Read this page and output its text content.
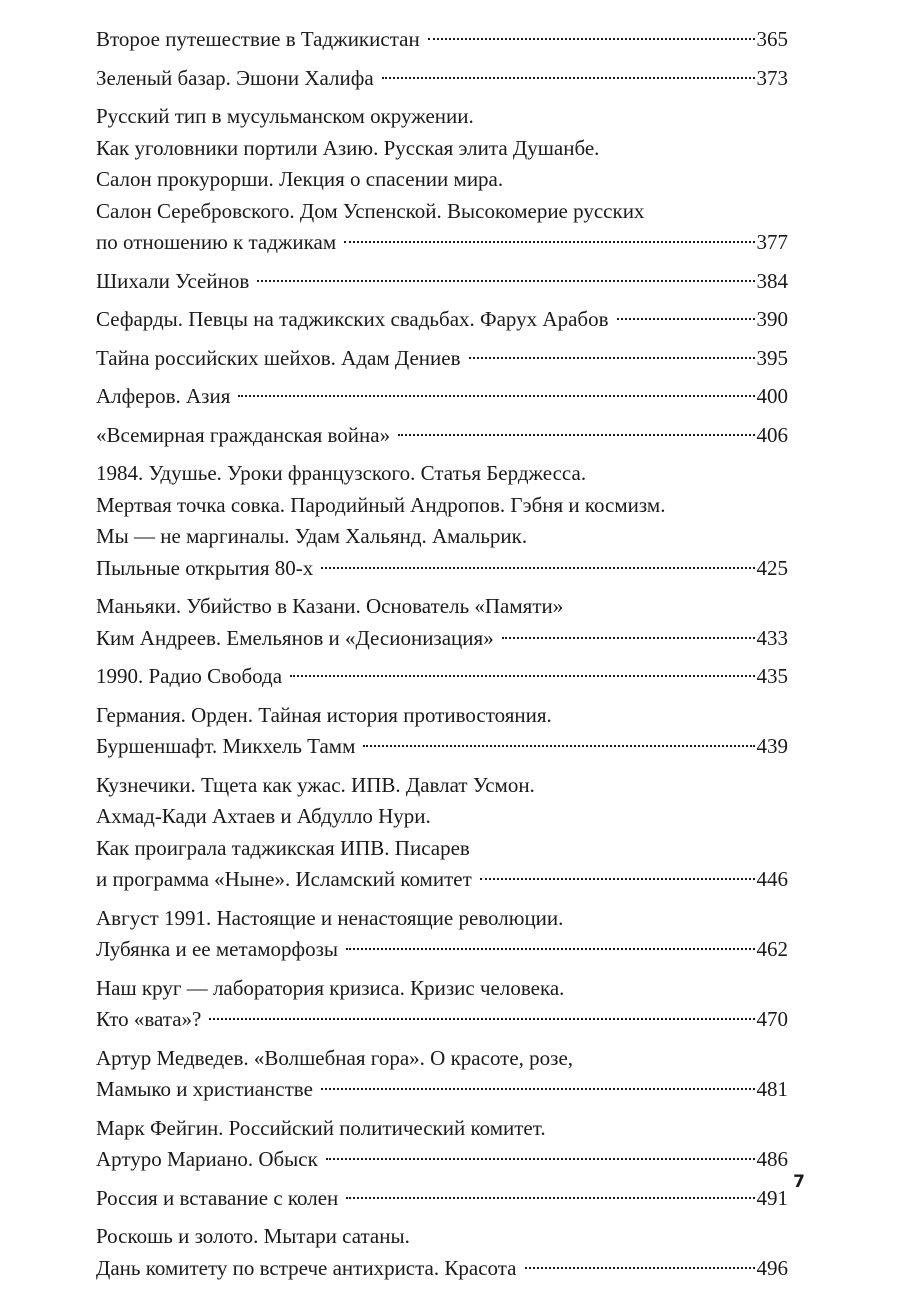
Второе путешествие в Таджикистан	365
Зеленый базар. Эшони Халифа	373
Русский тип в мусульманском окружении.
Как уголовники портили Азию. Русская элита Душанбе.
Салон прокурорши. Лекция о спасении мира.
Салон Серебровского. Дом Успенской. Высокомерие русских
по отношению к таджикам	377
Шихали Усейнов	384
Сефарды. Певцы на таджикских свадьбах. Фарух Арабов	390
Тайна российских шейхов. Адам Дениев	395
Алферов. Азия	400
«Всемирная гражданская война»	406
1984. Удушье. Уроки французского. Статья Берджесса.
Мертвая точка совка. Пародийный Андропов. Гэбня и космизм.
Мы — не маргиналы. Удам Хальянд. Амальрик.
Пыльные открытия 80-х	425
Маньяки. Убийство в Казани. Основатель «Памяти»
Ким Андреев. Емельянов и «Десионизация»	433
1990. Радио Свобода	435
Германия. Орден. Тайная история противостояния.
Буршеншафт. Микхель Тамм	439
Кузнечики. Тщета как ужас. ИПВ. Давлат Усмон.
Ахмад-Кади Ахтаев и Абдулло Нури.
Как проиграла таджикская ИПВ. Писарев
и программа «Ныне». Исламский комитет	446
Август 1991. Настоящие и ненастоящие революции.
Лубянка и ее метаморфозы	462
Наш круг — лаборатория кризиса. Кризис человека.
Кто «вата»?	470
Артур Медведев. «Волшебная гора». О красоте, розе,
Мамыко и христианстве	481
Марк Фейгин. Российский политический комитет.
Артуро Мариано. Обыск	486
Россия и вставание с колен	491
Роскошь и золото. Мытари сатаны.
Дань комитету по встрече антихриста. Красота	496
7
